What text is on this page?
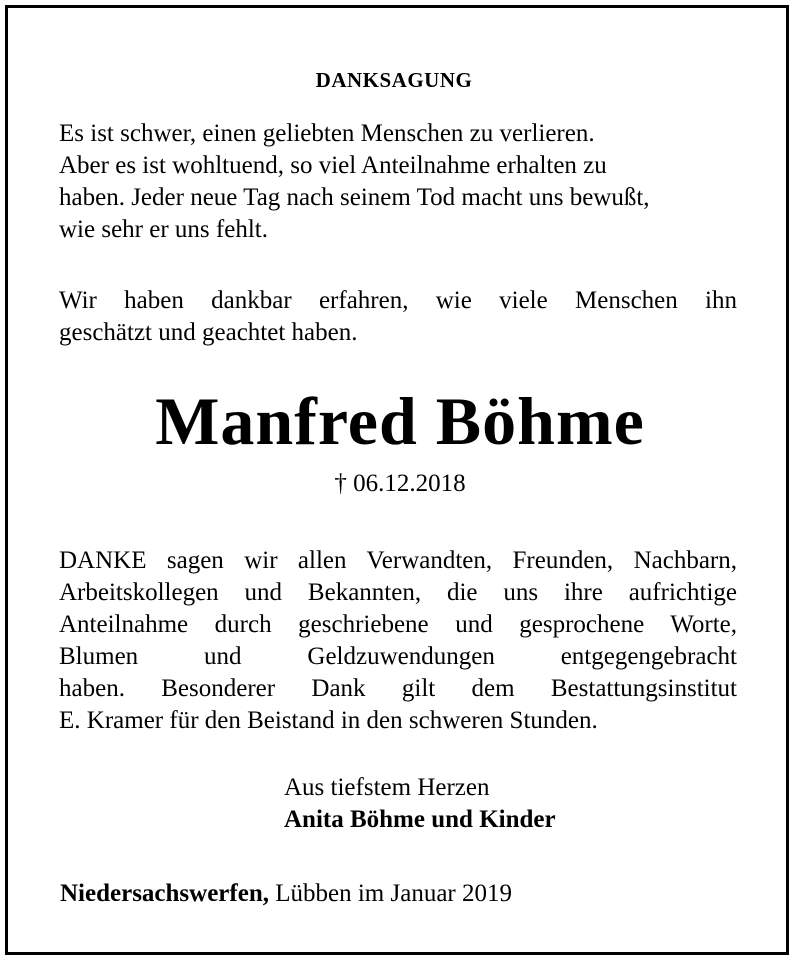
DANKSAGUNG
Es ist schwer, einen geliebten Menschen zu verlieren.
Aber es ist wohltuend, so viel Anteilnahme erhalten zu
haben. Jeder neue Tag nach seinem Tod macht uns bewußt,
wie sehr er uns fehlt.
Wir haben dankbar erfahren, wie viele Menschen ihn
geschätzt und geachtet haben.
Manfred Böhme
† 06.12.2018
DANKE sagen wir allen Verwandten, Freunden, Nachbarn,
Arbeitskollegen und Bekannten, die uns ihre aufrichtige
Anteilnahme durch geschriebene und gesprochene Worte,
Blumen und Geldzuwendungen entgegengebracht
haben. Besonderer Dank gilt dem Bestattungsinstitut
E. Kramer für den Beistand in den schweren Stunden.
Aus tiefstem Herzen
Anita Böhme und Kinder
Niedersachswerfen, Lübben im Januar 2019
